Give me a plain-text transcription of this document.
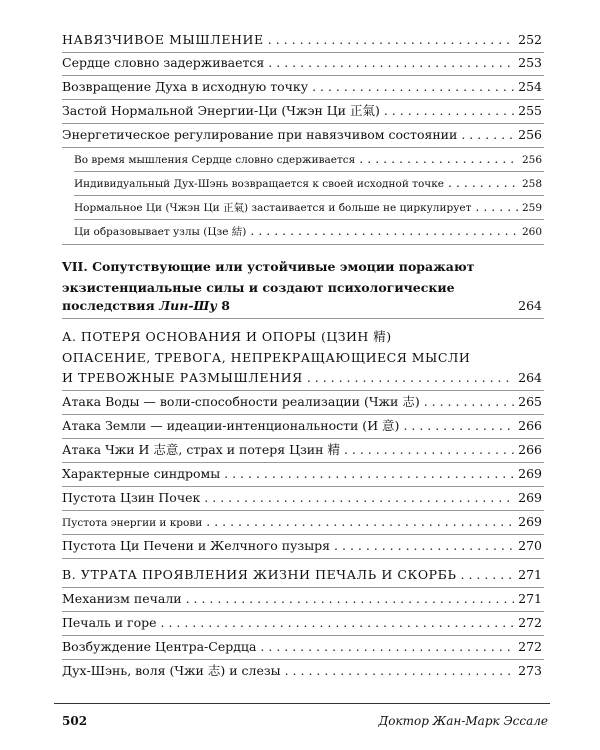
НАВЯЗЧИВОЕ МЫШЛЕНИЕ . . .	252
Сердце словно задерживается . . .	253
Возвращение Духа в исходную точку . . .	254
Застой Нормальной Энергии-Ци (Чжэн Ци 正氣) . . .	255
Энергетическое регулирование при навязчивом состоянии . . .	256
Во время мышления Сердце словно сдерживается . . .	256
Индивидуальный Дух-Шэнь возвращается к своей исходной точке . . .	258
Нормальное Ци (Чжэн Ци 正氣) застаивается и больше не циркулирует . . .	259
Ци образовывает узлы (Цзе 結) . . .	260
VII. Сопутствующие или устойчивые эмоции поражают
экзистенциальные силы и создают психологические
последствия Лин-Шу 8	264
А. ПОТЕРЯ ОСНОВАНИЯ И ОПОРЫ (ЦЗИН 精)
ОПАСЕНИЕ, ТРЕВОГА, НЕПРЕКРАЩАЮЩИЕСЯ МЫСЛИ
И ТРЕВОЖНЫЕ РАЗМЫШЛЕНИЯ . . .	264
Атака Воды — воли-способности реализации (Чжи 志) . . .	265
Атака Земли — идеации-интенциональности (И 意) . . .	266
Атака Чжи И 志意, страх и потеря Цзин 精 . . .	266
Характерные синдромы . . .	269
Пустота Цзин Почек . . .	269
Пустота энергии и крови . . .	269
Пустота Ци Печени и Желчного пузыря . . .	270
В. УТРАТА ПРОЯВЛЕНИЯ ЖИЗНИ ПЕЧАЛЬ И СКОРБЬ . . .	271
Механизм печали . . .	271
Печаль и горе . . .	272
Возбуждение Центра-Сердца . . .	272
Дух-Шэнь, воля (Чжи 志) и слезы . . .	273
502	Доктор Жан-Марк Эссале
